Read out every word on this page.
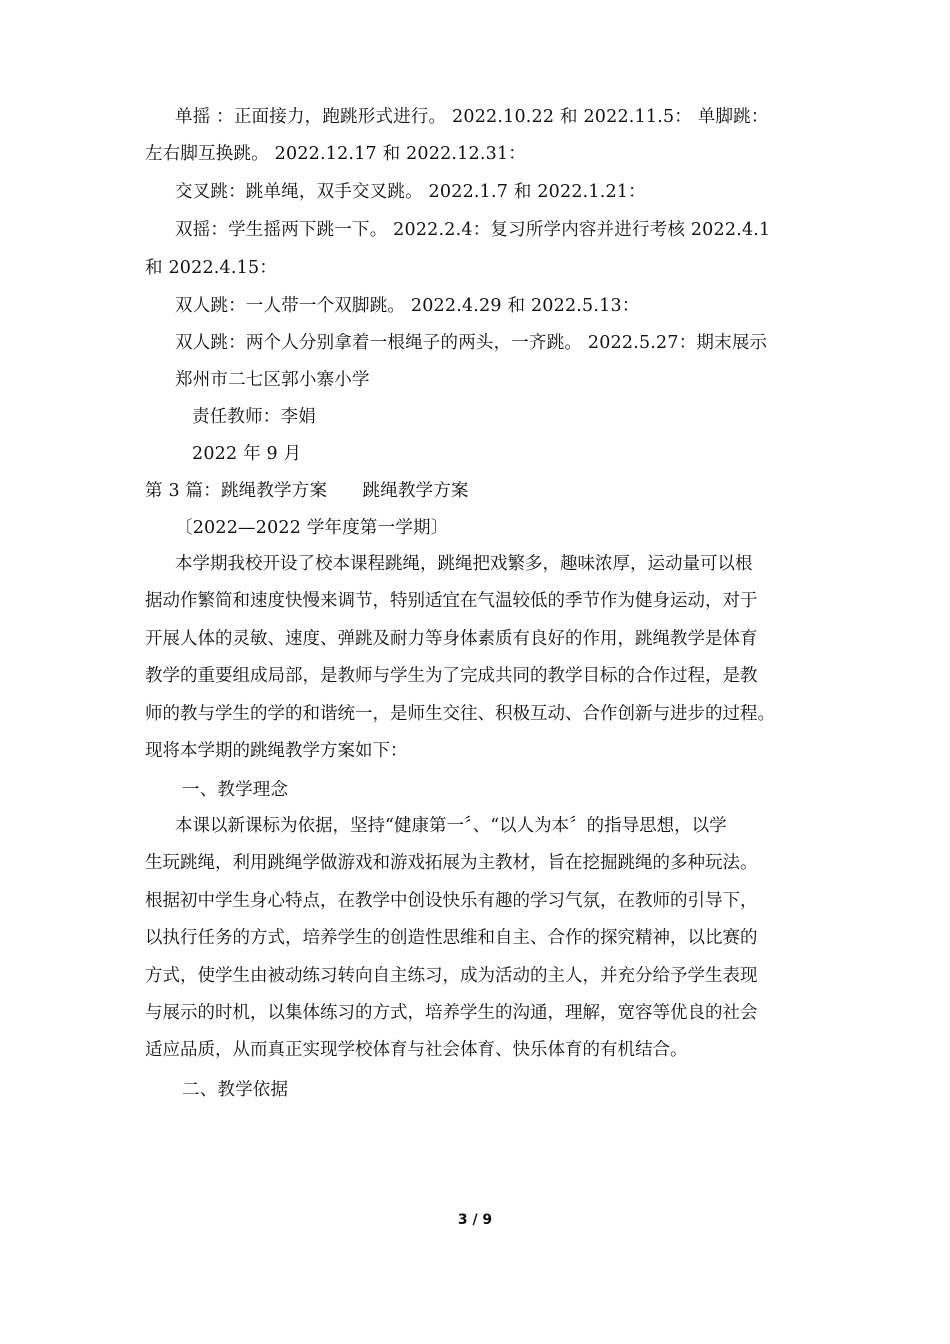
单摇 ：正面接力，跑跳形式进行。 2022.10.22 和 2022.11.5： 单脚跳：
左右脚互换跳。 2022.12.17 和 2022.12.31：
交叉跳：跳单绳，双手交叉跳。 2022.1.7 和 2022.1.21：
双摇：学生摇两下跳一下。 2022.2.4：复习所学内容并进行考核 2022.4.1
和 2022.4.15：
双人跳：一人带一个双脚跳。 2022.4.29 和 2022.5.13：
双人跳：两个人分别拿着一根绳子的两头，一齐跳。 2022.5.27：期末展示
郑州市二七区郭小寨小学
责任教师：李娟
2022 年 9 月
第 3 篇：跳绳教学方案　　跳绳教学方案
〔2022—2022 学年度第一学期〕
本学期我校开设了校本课程跳绳，跳绳把戏繁多，趣味浓厚，运动量可以根
据动作繁简和速度快慢来调节，特别适宜在气温较低的季节作为健身运动，对于
开展人体的灵敏、速度、弹跳及耐力等身体素质有良好的作用，跳绳教学是体育
教学的重要组成局部，是教师与学生为了完成共同的教学目标的合作过程，是教
师的教与学生的学的和谐统一，是师生交往、积极互动、合作创新与进步的过程。
现将本学期的跳绳教学方案如下：
一、教学理念
本课以新课标为依据，坚持“健康第一〞、“以人为本〞的指导思想，以学
生玩跳绳，利用跳绳学做游戏和游戏拓展为主教材，旨在挖掘跳绳的多种玩法。
根据初中学生身心特点，在教学中创设快乐有趣的学习气氛，在教师的引导下，
以执行任务的方式，培养学生的创造性思维和自主、合作的探究精神，以比赛的
方式，使学生由被动练习转向自主练习，成为活动的主人，并充分给予学生表现
与展示的时机，以集体练习的方式，培养学生的沟通，理解，宽容等优良的社会
适应品质，从而真正实现学校体育与社会体育、快乐体育的有机结合。
二、教学依据
3 / 9
